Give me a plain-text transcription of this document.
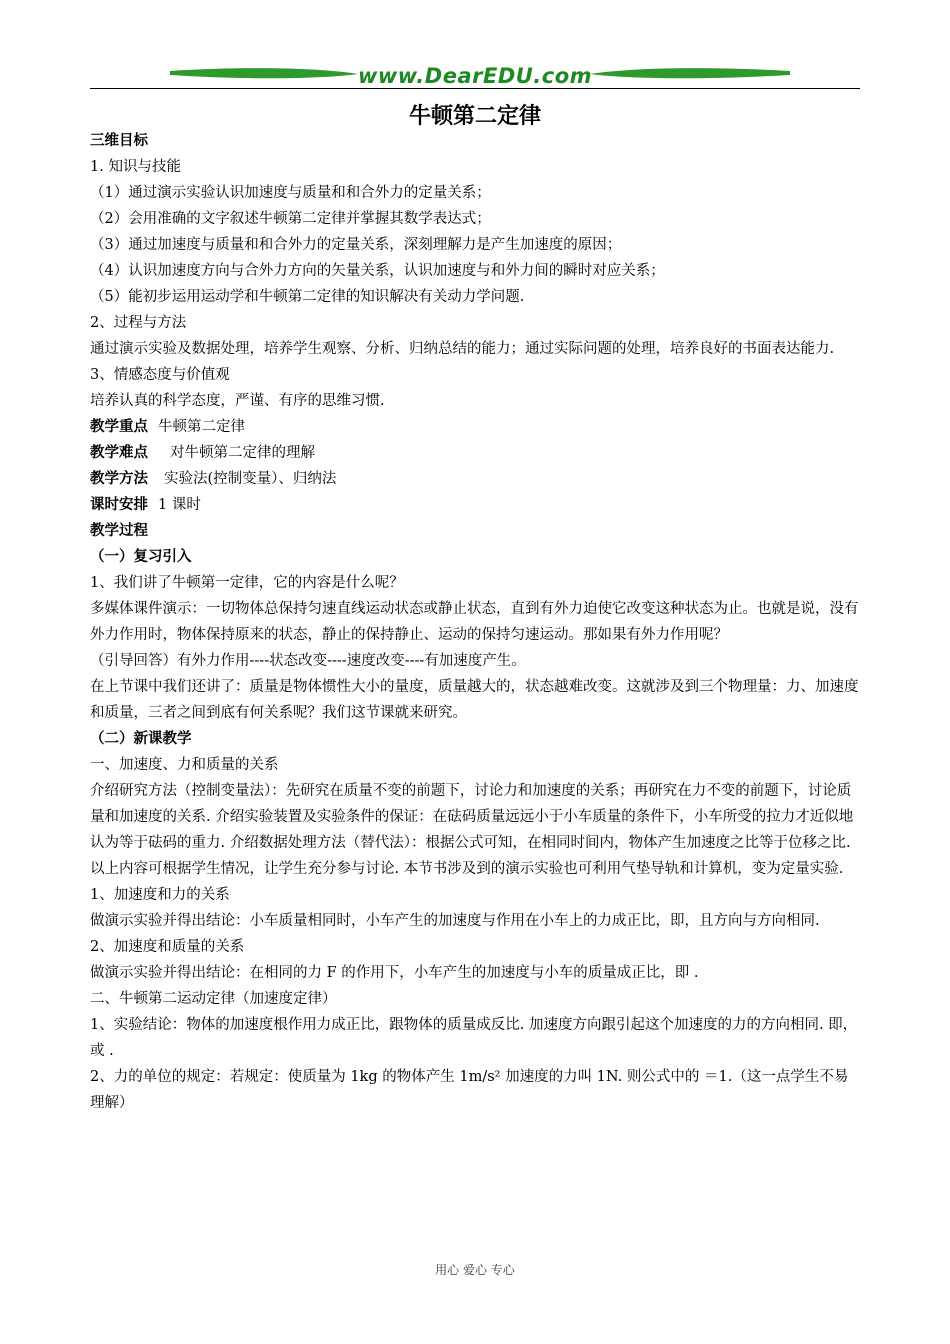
www.DearEDU.com
牛顿第二定律

三维目标

1. 知识与技能

（1）通过演示实验认识加速度与质量和和合外力的定量关系；

（2）会用准确的文字叙述牛顿第二定律并掌握其数学表达式；

（3）通过加速度与质量和和合外力的定量关系，深刻理解力是产生加速度的原因；

（4）认识加速度方向与合外力方向的矢量关系，认识加速度与和外力间的瞬时对应关系；

（5）能初步运用运动学和牛顿第二定律的知识解决有关动力学问题.

2、过程与方法

通过演示实验及数据处理，培养学生观察、分析、归纳总结的能力；通过实际问题的处理，培养良好的书面表达能力.

3、情感态度与价值观

培养认真的科学态度，严谨、有序的思维习惯.

教学重点 牛顿第二定律

教学难点 对牛顿第二定律的理解

教学方法 实验法(控制变量）、归纳法

课时安排 1 课时

教学过程

（一）复习引入

1、我们讲了牛顿第一定律，它的内容是什么呢？

多媒体课件演示：一切物体总保持匀速直线运动状态或静止状态，直到有外力迫使它改变这种状态为止。也就是说，没有外力作用时，物体保持原来的状态，静止的保持静止、运动的保持匀速运动。那如果有外力作用呢？

（引导回答）有外力作用----状态改变----速度改变----有加速度产生。

在上节课中我们还讲了：质量是物体惯性大小的量度，质量越大的，状态越难改变。这就涉及到三个物理量：力、加速度和质量，三者之间到底有何关系呢？我们这节课就来研究。

（二）新课教学

一、加速度、力和质量的关系

介绍研究方法（控制变量法）：先研究在质量不变的前题下，讨论力和加速度的关系；再研究在力不变的前题下，讨论质量和加速度的关系. 介绍实验装置及实验条件的保证：在砝码质量远远小于小车质量的条件下，小车所受的拉力才近似地认为等于砝码的重力. 介绍数据处理方法（替代法）：根据公式可知，在相同时间内，物体产生加速度之比等于位移之比.

以上内容可根据学生情况，让学生充分参与讨论. 本节书涉及到的演示实验也可利用气垫导轨和计算机，变为定量实验.

1、加速度和力的关系

做演示实验并得出结论：小车质量相同时，小车产生的加速度与作用在小车上的力成正比，即，且方向与方向相同.

2、加速度和质量的关系

做演示实验并得出结论：在相同的力 F 的作用下，小车产生的加速度与小车的质量成正比，即 .

二、牛顿第二运动定律（加速度定律）

1、实验结论：物体的加速度根作用力成正比，跟物体的质量成反比. 加速度方向跟引起这个加速度的力的方向相同. 即，或 .

2、力的单位的规定：若规定：使质量为 1kg 的物体产生 1m/s² 加速度的力叫 1N. 则公式中的 ＝1.（这一点学生不易理解）

用心 爱心 专心
